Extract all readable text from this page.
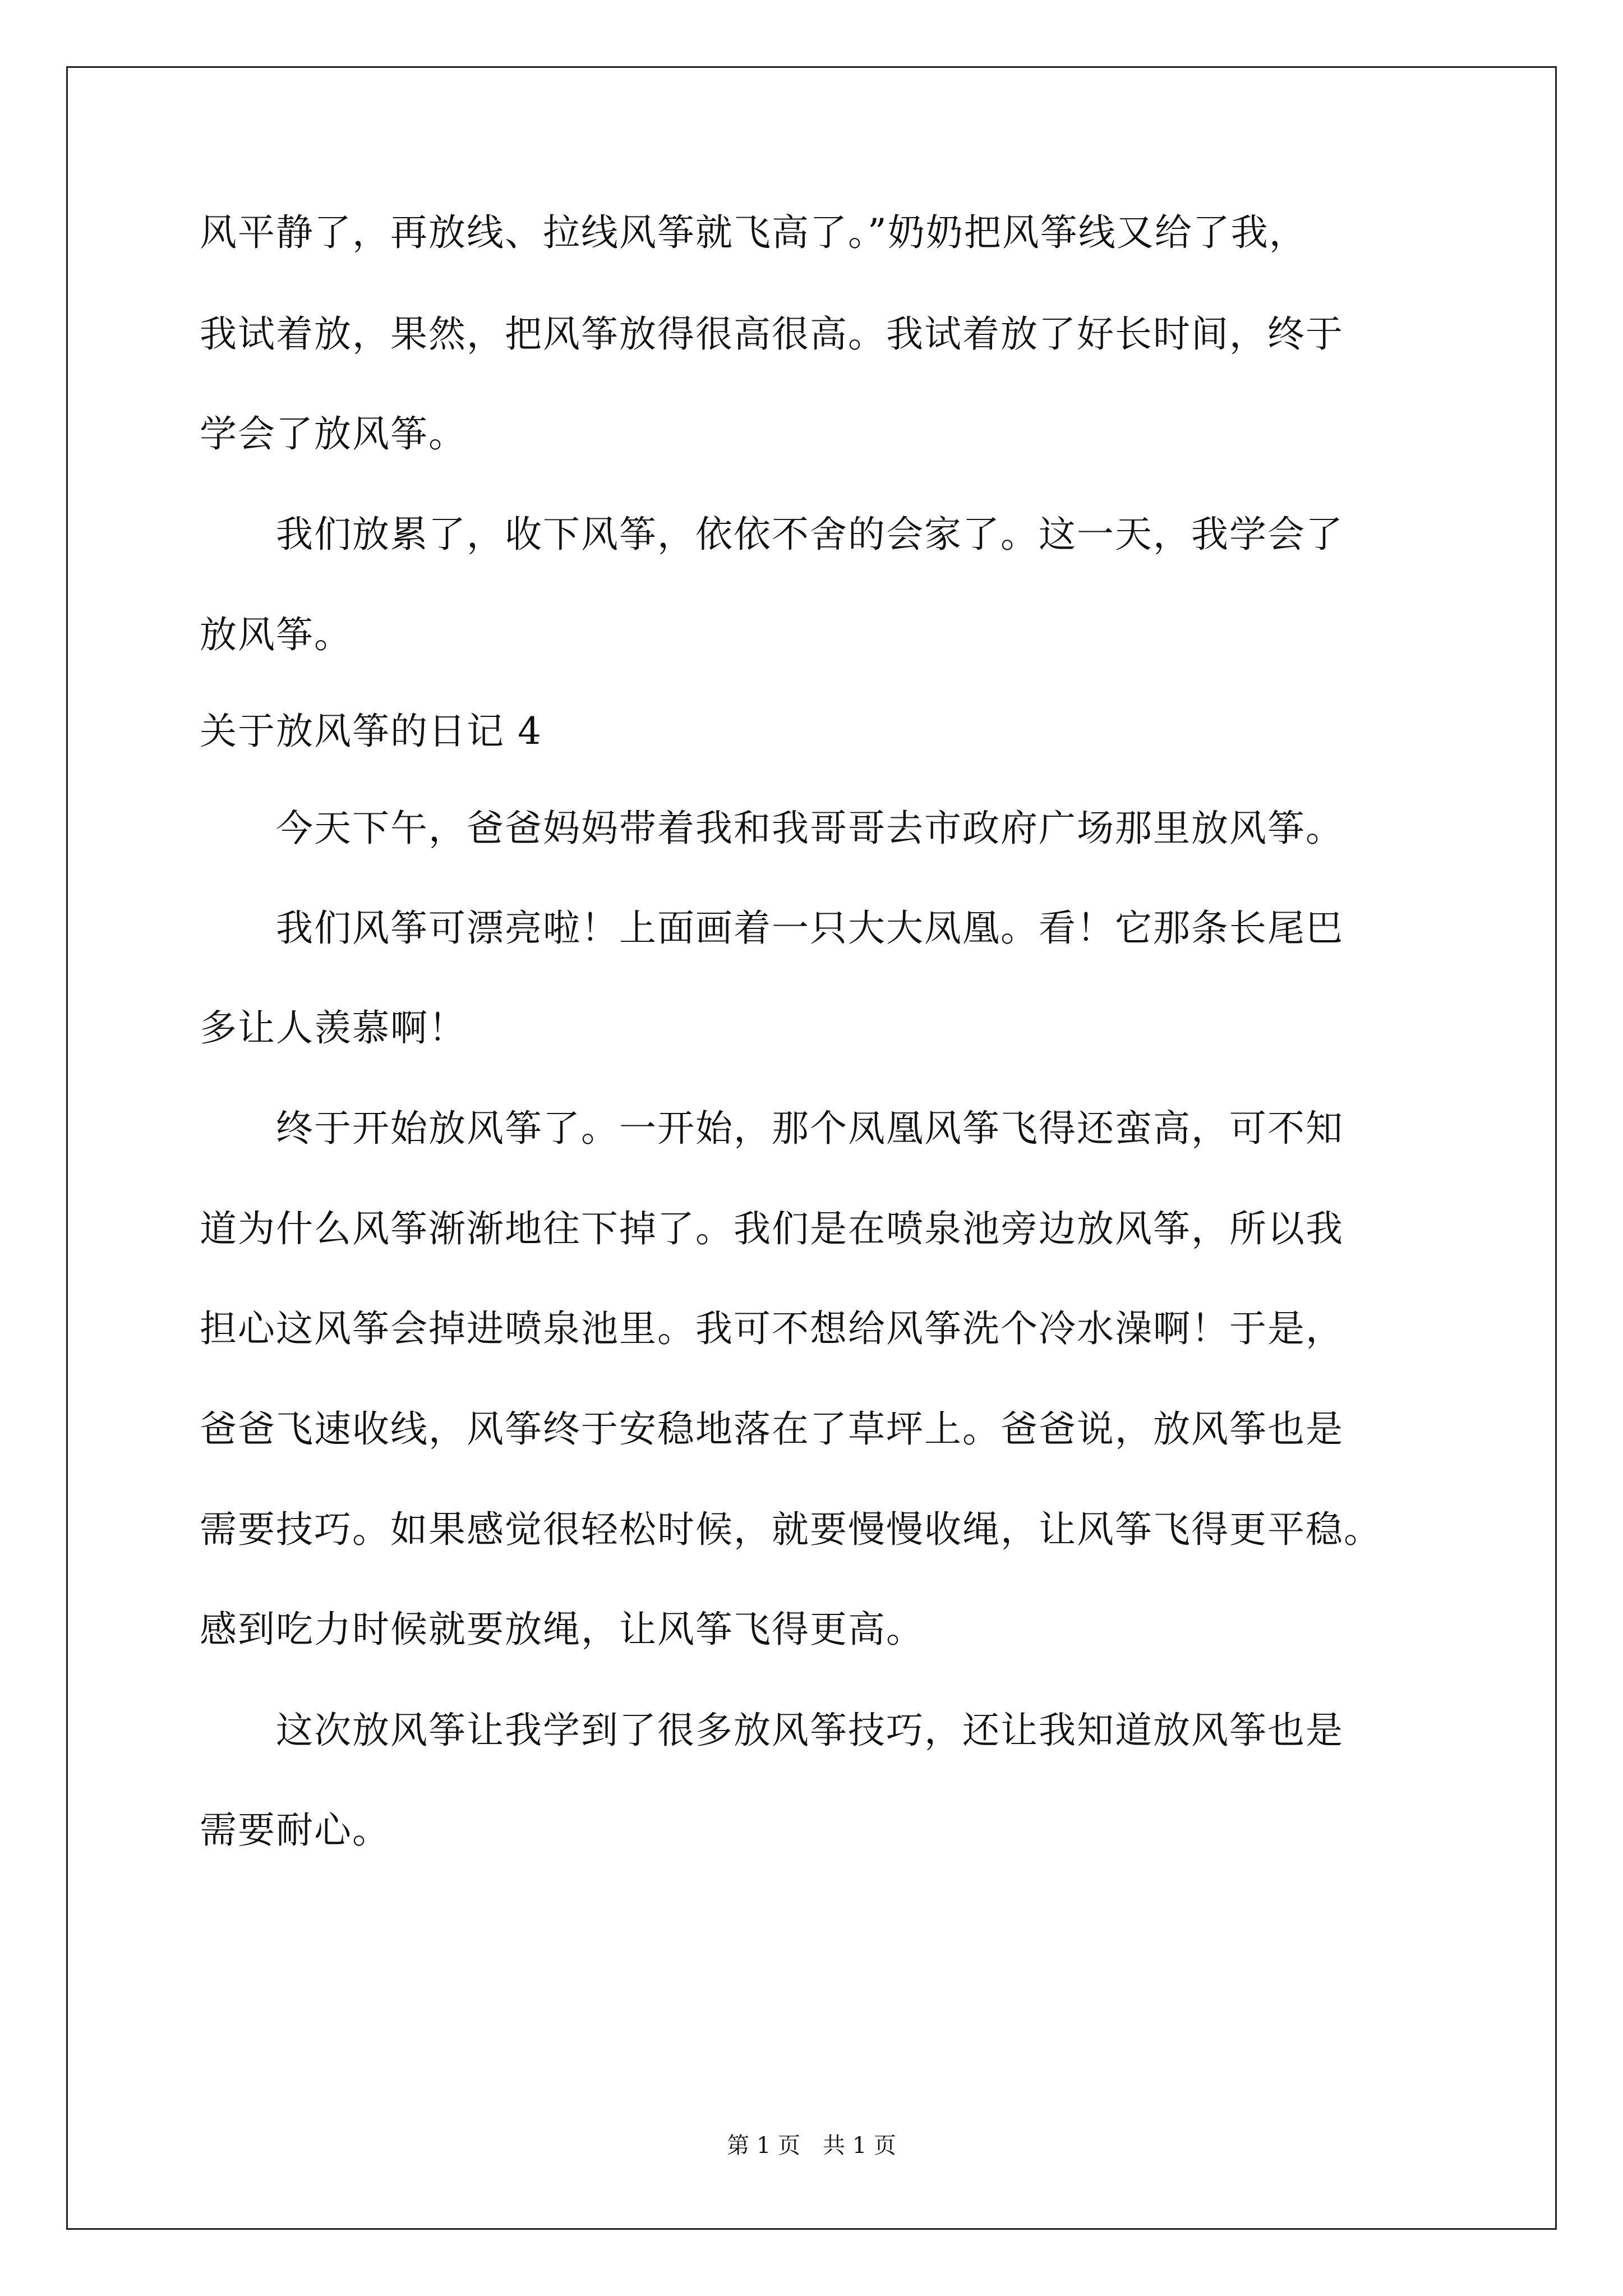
风平静了，再放线、拉线风筝就飞高了。”奶奶把风筝线又给了我，
我试着放，果然，把风筝放得很高很高。我试着放了好长时间，终于
学会了放风筝。
　　我们放累了，收下风筝，依依不舍的会家了。这一天，我学会了
放风筝。
关于放风筝的日记 4
　　今天下午，爸爸妈妈带着我和我哥哥去市政府广场那里放风筝。
　　我们风筝可漂亮啦！上面画着一只大大凤凰。看！它那条长尾巴
多让人羡慕啊！
　　终于开始放风筝了。一开始，那个凤凰风筝飞得还蛮高，可不知
道为什么风筝渐渐地往下掉了。我们是在喷泉池旁边放风筝，所以我
担心这风筝会掉进喷泉池里。我可不想给风筝洗个冷水澡啊！于是，
爸爸飞速收线，风筝终于安稳地落在了草坪上。爸爸说，放风筝也是
需要技巧。如果感觉很轻松时候，就要慢慢收绳，让风筝飞得更平稳。
感到吃力时候就要放绳，让风筝飞得更高。
　　这次放风筝让我学到了很多放风筝技巧，还让我知道放风筝也是
需要耐心。
第 1 页　共 1 页
